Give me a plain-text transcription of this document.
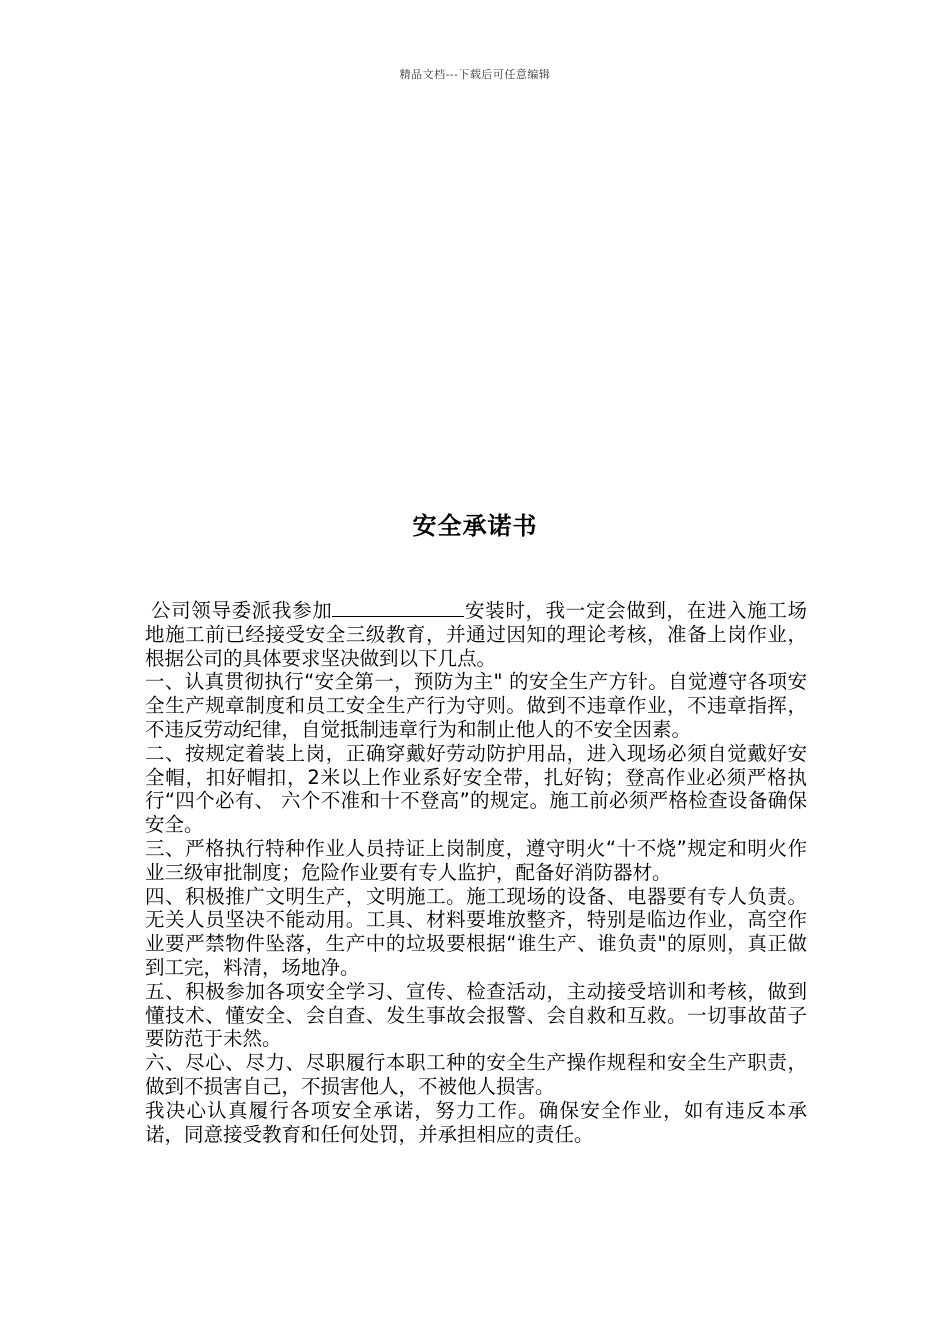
精品文档---下载后可任意编辑
安全承诺书

公司领导委派我参加	安装时，我一定会做到，在进入施工场地施工前已经接受安全三级教育，并通过因知的理论考核，准备上岗作业，根据公司的具体要求坚决做到以下几点。

一、认真贯彻执行“安全第一，预防为主" 的安全生产方针。自觉遵守各项安全生产规章制度和员工安全生产行为守则。做到不违章作业，不违章指挥，不违反劳动纪律，自觉抵制违章行为和制止他人的不安全因素。

二、按规定着装上岗，正确穿戴好劳动防护用品，进入现场必须自觉戴好安全帽，扣好帽扣，2米以上作业系好安全带，扎好钩；登高作业必须严格执行“四个必有、 六个不准和十不登高”的规定。施工前必须严格检查设备确保安全。

三、严格执行特种作业人员持证上岗制度，遵守明火“十不烧”规定和明火作业三级审批制度；危险作业要有专人监护，配备好消防器材。

四、积极推广文明生产，文明施工。施工现场的设备、电器要有专人负责。无关人员坚决不能动用。工具、材料要堆放整齐，特别是临边作业，高空作业要严禁物件坠落，生产中的垃圾要根据“谁生产、谁负责"的原则，真正做到工完，料清，场地净。

五、积极参加各项安全学习、宣传、检查活动，主动接受培训和考核，做到懂技术、懂安全、会自查、发生事故会报警、会自救和互救。一切事故苗子要防范于未然。

六、尽心、尽力、尽职履行本职工种的安全生产操作规程和安全生产职责，做到不损害自己，不损害他人，不被他人损害。

我决心认真履行各项安全承诺，努力工作。确保安全作业，如有违反本承诺，同意接受教育和任何处罚，并承担相应的责任。
